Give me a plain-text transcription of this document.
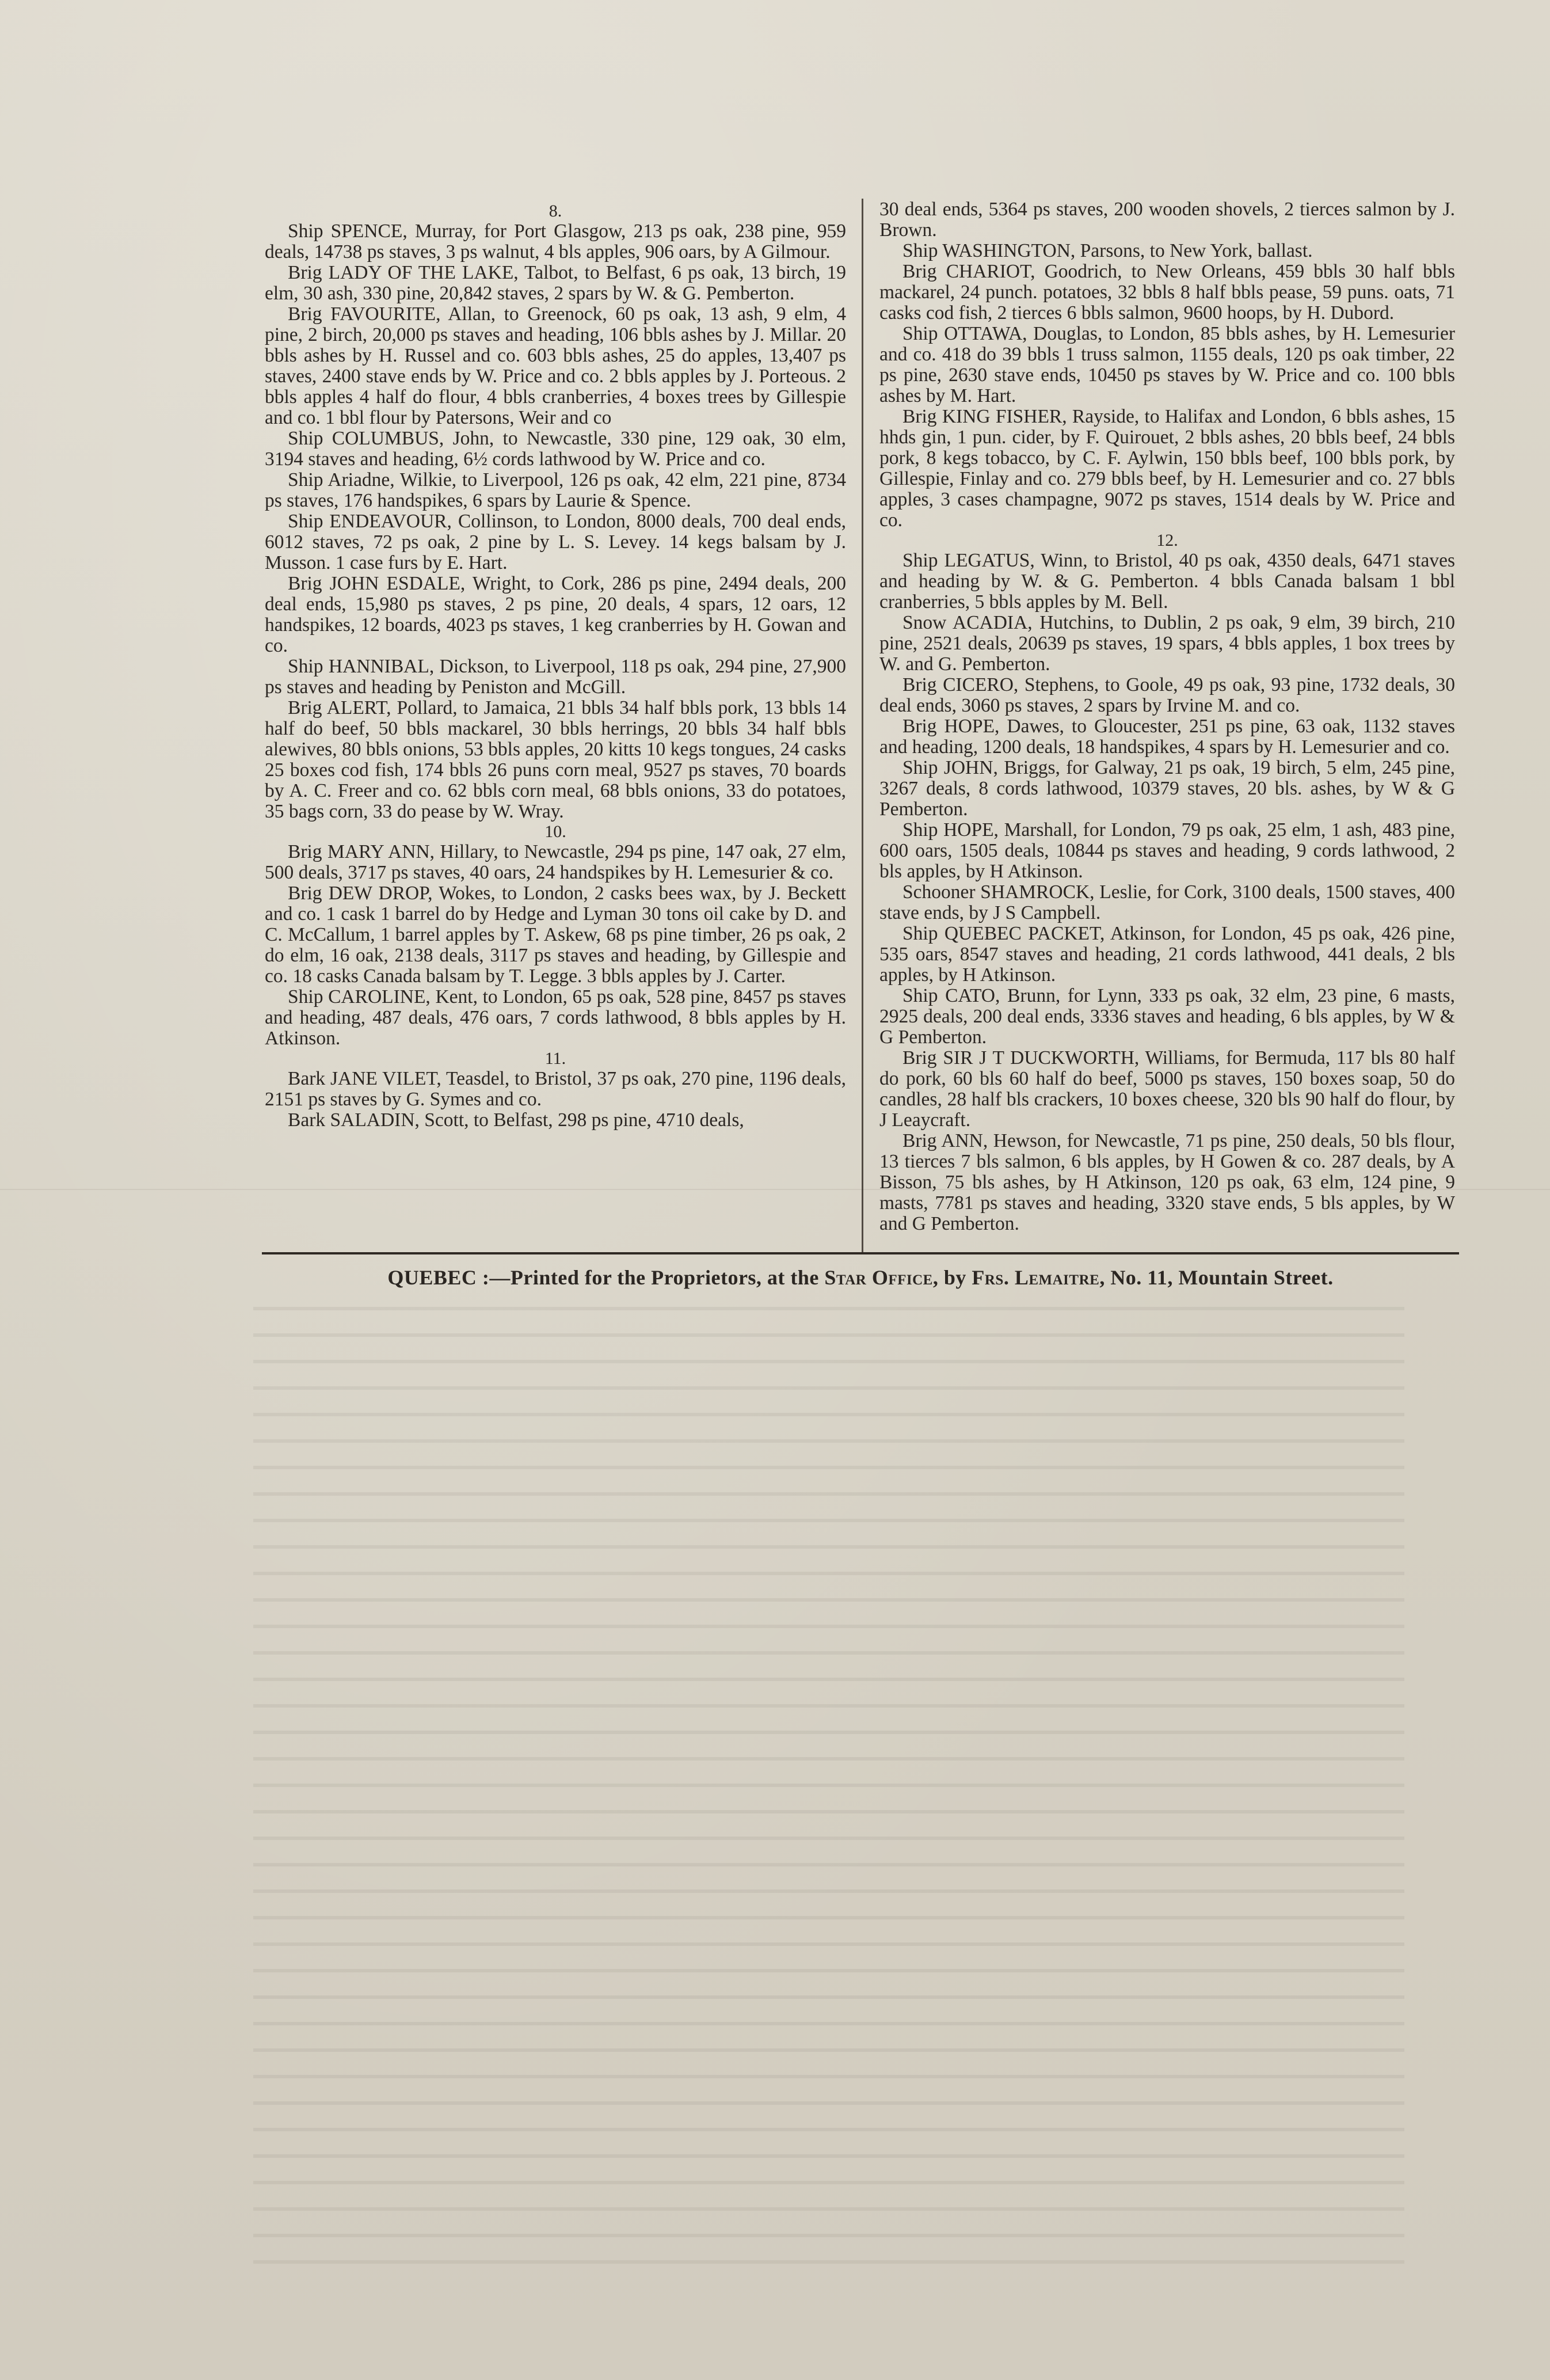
8.

Ship SPENCE, Murray, for Port Glasgow, 213 ps oak, 238 pine, 959 deals, 14738 ps staves, 3 ps walnut, 4 bls apples, 906 oars, by A Gilmour.

Brig LADY OF THE LAKE, Talbot, to Belfast, 6 ps oak, 13 birch, 19 elm, 30 ash, 330 pine, 20,842 staves, 2 spars by W. & G. Pemberton.

Brig FAVOURITE, Allan, to Greenock, 60 ps oak, 13 ash, 9 elm, 4 pine, 2 birch, 20,000 ps staves and heading, 106 bbls ashes by J. Millar. 20 bbls ashes by H. Russel and co. 603 bbls ashes, 25 do apples, 13,407 ps staves, 2400 stave ends by W. Price and co. 2 bbls apples by J. Porteous. 2 bbls apples 4 half do flour, 4 bbls cranberries, 4 boxes trees by Gillespie and co. 1 bbl flour by Patersons, Weir and co

Ship COLUMBUS, John, to Newcastle, 330 pine, 129 oak, 30 elm, 3194 staves and heading, 6½ cords lathwood by W. Price and co.

Ship Ariadne, Wilkie, to Liverpool, 126 ps oak, 42 elm, 221 pine, 8734 ps staves, 176 handspikes, 6 spars by Laurie & Spence.

Ship ENDEAVOUR, Collinson, to London, 8000 deals, 700 deal ends, 6012 staves, 72 ps oak, 2 pine by L. S. Levey. 14 kegs balsam by J. Musson. 1 case furs by E. Hart.

Brig JOHN ESDALE, Wright, to Cork, 286 ps pine, 2494 deals, 200 deal ends, 15,980 ps staves, 2 ps pine, 20 deals, 4 spars, 12 oars, 12 handspikes, 12 boards, 4023 ps staves, 1 keg cranberries by H. Gowan and co.

Ship HANNIBAL, Dickson, to Liverpool, 118 ps oak, 294 pine, 27,900 ps staves and heading by Peniston and McGill.

Brig ALERT, Pollard, to Jamaica, 21 bbls 34 half bbls pork, 13 bbls 14 half do beef, 50 bbls mackarel, 30 bbls herrings, 20 bbls 34 half bbls alewives, 80 bbls onions, 53 bbls apples, 20 kitts 10 kegs tongues, 24 casks 25 boxes cod fish, 174 bbls 26 puns corn meal, 9527 ps staves, 70 boards by A. C. Freer and co. 62 bbls corn meal, 68 bbls onions, 33 do potatoes, 35 bags corn, 33 do pease by W. Wray.

10.

Brig MARY ANN, Hillary, to Newcastle, 294 ps pine, 147 oak, 27 elm, 500 deals, 3717 ps staves, 40 oars, 24 handspikes by H. Lemesurier & co.

Brig DEW DROP, Wokes, to London, 2 casks bees wax, by J. Beckett and co. 1 cask 1 barrel do by Hedge and Lyman 30 tons oil cake by D. and C. McCallum, 1 barrel apples by T. Askew, 68 ps pine timber, 26 ps oak, 2 do elm, 16 oak, 2138 deals, 3117 ps staves and heading, by Gillespie and co. 18 casks Canada balsam by T. Legge. 3 bbls apples by J. Carter.

Ship CAROLINE, Kent, to London, 65 ps oak, 528 pine, 8457 ps staves and heading, 487 deals, 476 oars, 7 cords lathwood, 8 bbls apples by H. Atkinson.

11.

Bark JANE VILET, Teasdel, to Bristol, 37 ps oak, 270 pine, 1196 deals, 2151 ps staves by G. Symes and co.

Bark SALADIN, Scott, to Belfast, 298 ps pine, 4710 deals,

30 deal ends, 5364 ps staves, 200 wooden shovels, 2 tierces salmon by J. Brown.

Ship WASHINGTON, Parsons, to New York, ballast.

Brig CHARIOT, Goodrich, to New Orleans, 459 bbls 30 half bbls mackarel, 24 punch. potatoes, 32 bbls 8 half bbls pease, 59 puns. oats, 71 casks cod fish, 2 tierces 6 bbls salmon, 9600 hoops, by H. Dubord.

Ship OTTAWA, Douglas, to London, 85 bbls ashes, by H. Lemesurier and co. 418 do 39 bbls 1 truss salmon, 1155 deals, 120 ps oak timber, 22 ps pine, 2630 stave ends, 10450 ps staves by W. Price and co. 100 bbls ashes by M. Hart.

Brig KING FISHER, Rayside, to Halifax and London, 6 bbls ashes, 15 hhds gin, 1 pun. cider, by F. Quirouet, 2 bbls ashes, 20 bbls beef, 24 bbls pork, 8 kegs tobacco, by C. F. Aylwin, 150 bbls beef, 100 bbls pork, by Gillespie, Finlay and co. 279 bbls beef, by H. Lemesurier and co. 27 bbls apples, 3 cases champagne, 9072 ps staves, 1514 deals by W. Price and co.

12.

Ship LEGATUS, Winn, to Bristol, 40 ps oak, 4350 deals, 6471 staves and heading by W. & G. Pemberton. 4 bbls Canada balsam 1 bbl cranberries, 5 bbls apples by M. Bell.

Snow ACADIA, Hutchins, to Dublin, 2 ps oak, 9 elm, 39 birch, 210 pine, 2521 deals, 20639 ps staves, 19 spars, 4 bbls apples, 1 box trees by W. and G. Pemberton.

Brig CICERO, Stephens, to Goole, 49 ps oak, 93 pine, 1732 deals, 30 deal ends, 3060 ps staves, 2 spars by Irvine M. and co.

Brig HOPE, Dawes, to Gloucester, 251 ps pine, 63 oak, 1132 staves and heading, 1200 deals, 18 handspikes, 4 spars by H. Lemesurier and co.

Ship JOHN, Briggs, for Galway, 21 ps oak, 19 birch, 5 elm, 245 pine, 3267 deals, 8 cords lathwood, 10379 staves, 20 bls. ashes, by W & G Pemberton.

Ship HOPE, Marshall, for London, 79 ps oak, 25 elm, 1 ash, 483 pine, 600 oars, 1505 deals, 10844 ps staves and heading, 9 cords lathwood, 2 bls apples, by H Atkinson.

Schooner SHAMROCK, Leslie, for Cork, 3100 deals, 1500 staves, 400 stave ends, by J S Campbell.

Ship QUEBEC PACKET, Atkinson, for London, 45 ps oak, 426 pine, 535 oars, 8547 staves and heading, 21 cords lathwood, 441 deals, 2 bls apples, by H Atkinson.

Ship CATO, Brunn, for Lynn, 333 ps oak, 32 elm, 23 pine, 6 masts, 2925 deals, 200 deal ends, 3336 staves and heading, 6 bls apples, by W & G Pemberton.

Brig SIR J T DUCKWORTH, Williams, for Bermuda, 117 bls 80 half do pork, 60 bls 60 half do beef, 5000 ps staves, 150 boxes soap, 50 do candles, 28 half bls crackers, 10 boxes cheese, 320 bls 90 half do flour, by J Leaycraft.

Brig ANN, Hewson, for Newcastle, 71 ps pine, 250 deals, 50 bls flour, 13 tierces 7 bls salmon, 6 bls apples, by H Gowen & co. 287 deals, by A Bisson, 75 bls ashes, by H Atkinson, 120 ps oak, 63 elm, 124 pine, 9 masts, 7781 ps staves and heading, 3320 stave ends, 5 bls apples, by W and G Pemberton.

QUEBEC :—Printed for the Proprietors, at the Star Office, by Frs. Lemaitre, No. 11, Mountain Street.
